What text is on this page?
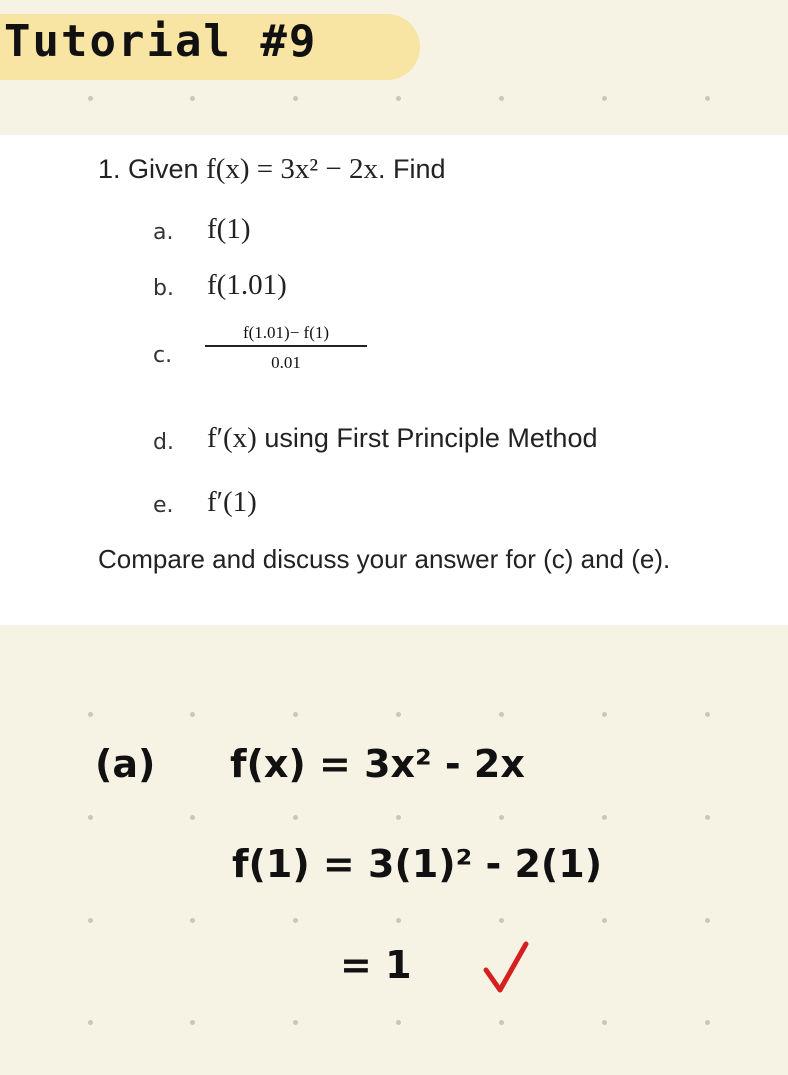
Tutorial #9
1. Given f(x) = 3x² − 2x. Find
a. f(1)
b. f(1.01)
c. $\frac{f(1.01)- f(1)}{0.01}$
d. f′(x) using First Principle Method
e. f′(1)
Compare and discuss your answer for (c) and (e).
(a) f(x) = 3x² - 2x
f(1) = 3(1)² - 2(1)
= 1
